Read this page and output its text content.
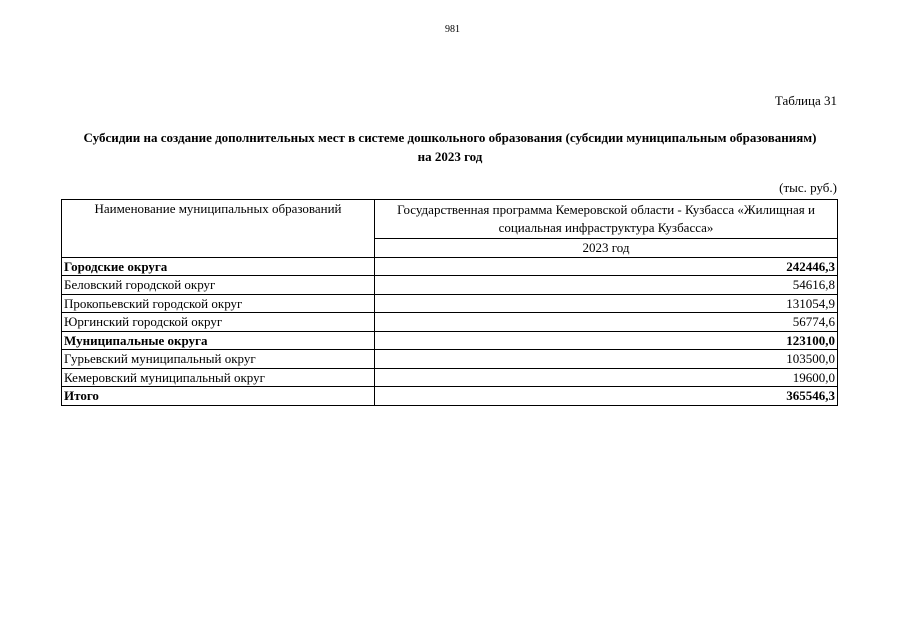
981
Таблица 31
Субсидии на создание дополнительных мест в системе дошкольного образования (субсидии муниципальным образованиям) на 2023 год
(тыс. руб.)
Наименование муниципальных образований	Государственная программа Кемеровской области - Кузбасса «Жилищная и социальная инфраструктура Кузбасса»
	2023 год
Городские округа	242446,3
Беловский городской округ	54616,8
Прокопьевский городской округ	131054,9
Юргинский городской округ	56774,6
Муниципальные округа	123100,0
Гурьевский муниципальный округ	103500,0
Кемеровский муниципальный округ	19600,0
Итого	365546,3
